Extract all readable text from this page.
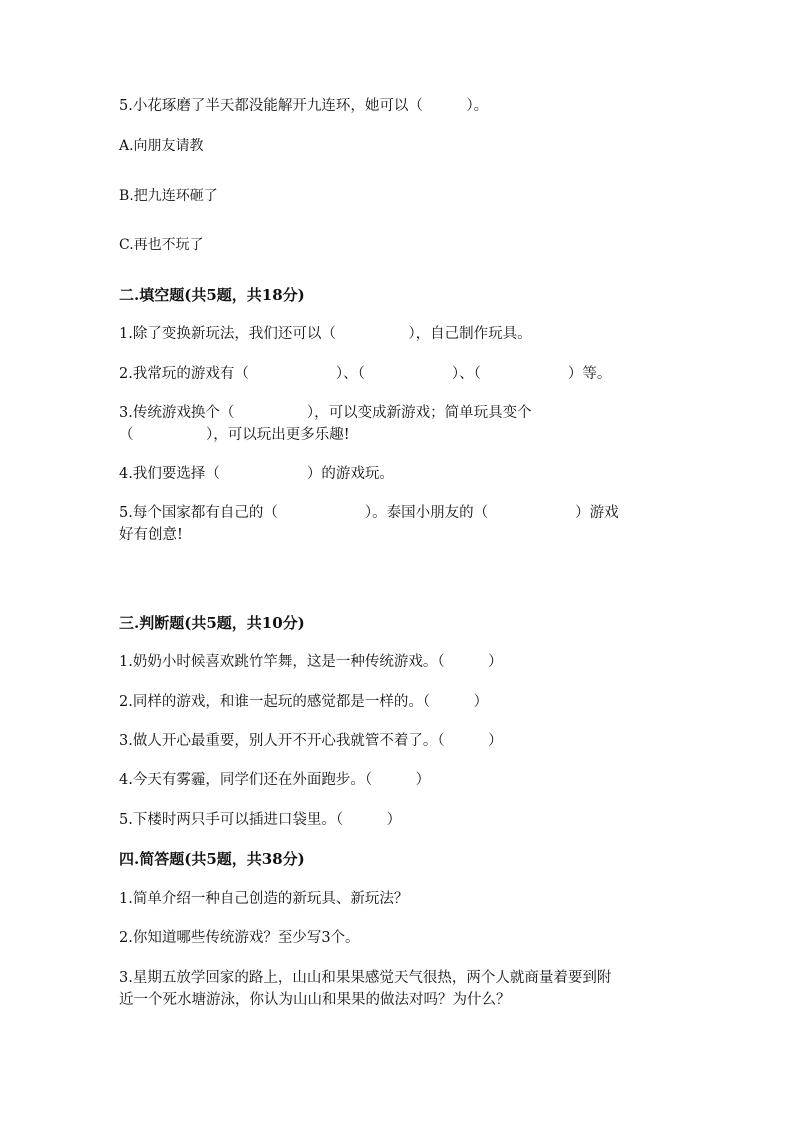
5.小花琢磨了半天都没能解开九连环，她可以（　　　）。
A.向朋友请教
B.把九连环砸了
C.再也不玩了
二.填空题(共5题，共18分)
1.除了变换新玩法，我们还可以（　　　　　），自己制作玩具。
2.我常玩的游戏有（　　　　　　）、（　　　　　　）、（　　　　　　）等。
3.传统游戏换个（　　　　　），可以变成新游戏；简单玩具变个
（　　　　　），可以玩出更多乐趣!
4.我们要选择（　　　　　　）的游戏玩。
5.每个国家都有自己的（　　　　　　）。泰国小朋友的（　　　　　　）游戏
好有创意!
三.判断题(共5题，共10分)
1.奶奶小时候喜欢跳竹竿舞，这是一种传统游戏。（　　　）
2.同样的游戏，和谁一起玩的感觉都是一样的。（　　　）
3.做人开心最重要，别人开不开心我就管不着了。（　　　）
4.今天有雾霾，同学们还在外面跑步。（　　　）
5.下楼时两只手可以插进口袋里。（　　　）
四.简答题(共5题，共38分)
1.简单介绍一种自己创造的新玩具、新玩法？
2.你知道哪些传统游戏？至少写3个。
3.星期五放学回家的路上，山山和果果感觉天气很热，两个人就商量着要到附
近一个死水塘游泳，你认为山山和果果的做法对吗？为什么？
